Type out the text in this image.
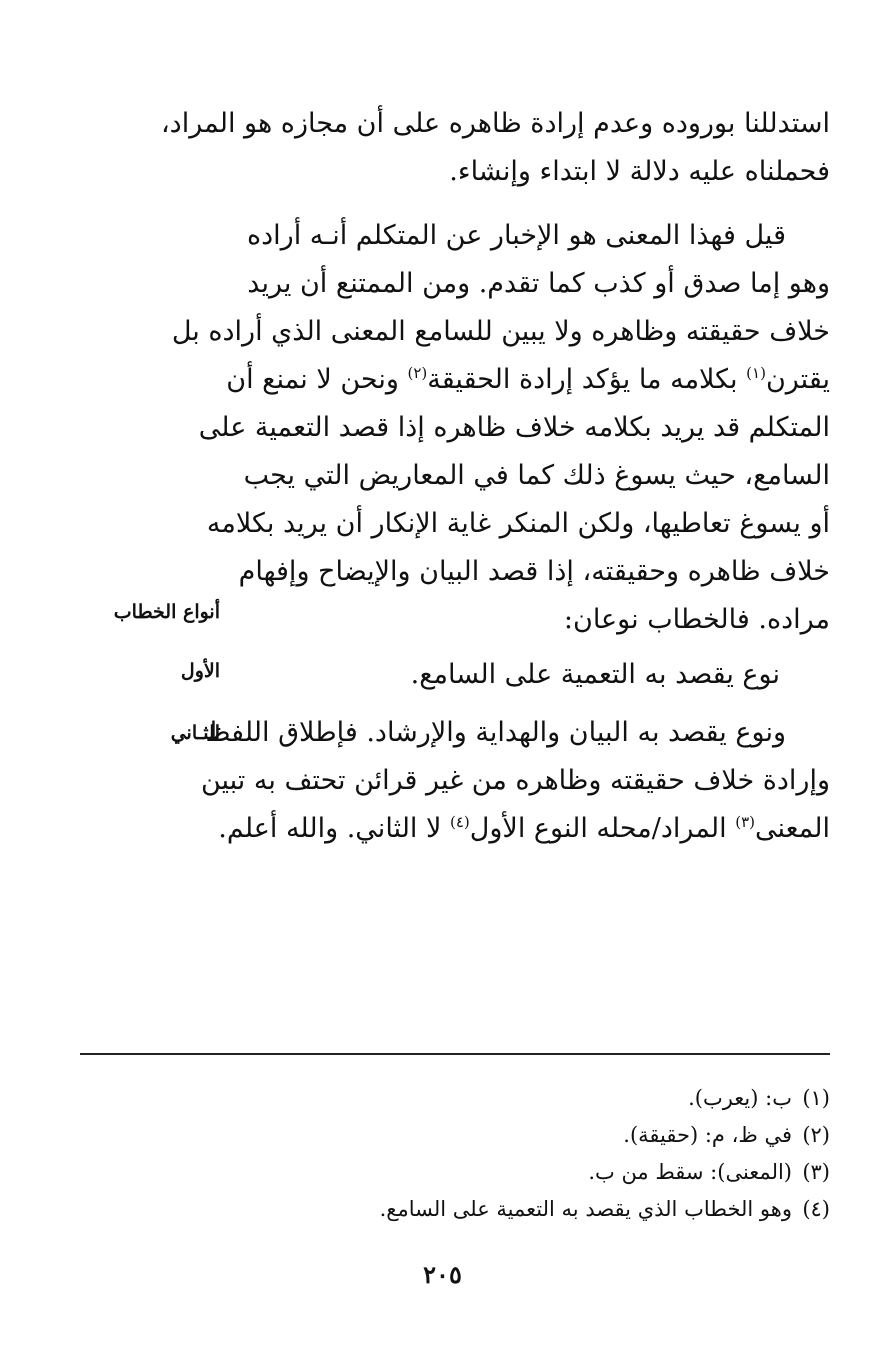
استدللنا بوروده وعدم إرادة ظاهره على أن مجازه هو المراد،
فحملناه عليه دلالة لا ابتداء وإنشاء.

قيل فهذا المعنى هو الإخبار عن المتكلم أنـه أراده
وهو إما صدق أو كذب كما تقدم. ومن الممتنع أن يريد
خلاف حقيقته وظاهره ولا يبين للسامع المعنى الذي أراده بل
يقترن$^{(١)}$ بكلامه ما يؤكد إرادة الحقيقة$^{(٢)}$ ونحن لا نمنع أن
المتكلم قد يريد بكلامه خلاف ظاهره إذا قصد التعمية على
السامع، حيث يسوغ ذلك كما في المعاريض التي يجب
أو يسوغ تعاطيها، ولكن المنكر غاية الإنكار أن يريد بكلامه
خلاف ظاهره وحقيقته، إذا قصد البيان والإيضاح وإفهام
مراده. فالخطاب نوعان:

نوع يقصد به التعمية على السامع.

ونوع يقصد به البيان والهداية والإرشاد. فإطلاق اللفظ
وإرادة خلاف حقيقته وظاهره من غير قرائن تحتف به تبين
المعنى$^{(٣)}$ المراد/محله النوع الأول$^{(٤)}$ لا الثاني. والله أعلم.

أنواع الخطاب
الأول
الثـاني
(١)ب: (يعرب).
(٢)في ظ، م: (حقيقة).
(٣)(المعنى): سقط من ب.
(٤)وهو الخطاب الذي يقصد به التعمية على السامع.
٢٠٥
